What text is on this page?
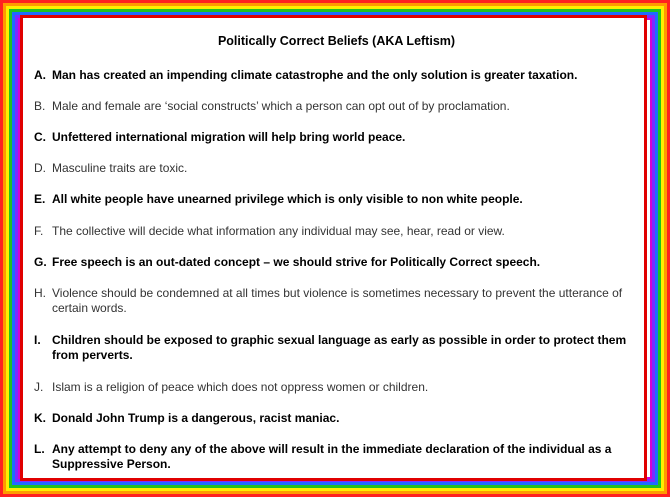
Politically Correct Beliefs (AKA Leftism)
A. Man has created an impending climate catastrophe and the only solution is greater taxation.
B. Male and female are ‘social constructs’ which a person can opt out of by proclamation.
C. Unfettered international migration will help bring world peace.
D. Masculine traits are toxic.
E. All white people have unearned privilege which is only visible to non white people.
F. The collective will decide what information any individual may see, hear, read or view.
G. Free speech is an out-dated concept – we should strive for Politically Correct speech.
H. Violence should be condemned at all times but violence is sometimes necessary to prevent the utterance of certain words.
I. Children should be exposed to graphic sexual language as early as possible in order to protect them from perverts.
J. Islam is a religion of peace which does not oppress women or children.
K. Donald John Trump is a dangerous, racist maniac.
L. Any attempt to deny any of the above will result in the immediate declaration of the individual as a Suppressive Person.
